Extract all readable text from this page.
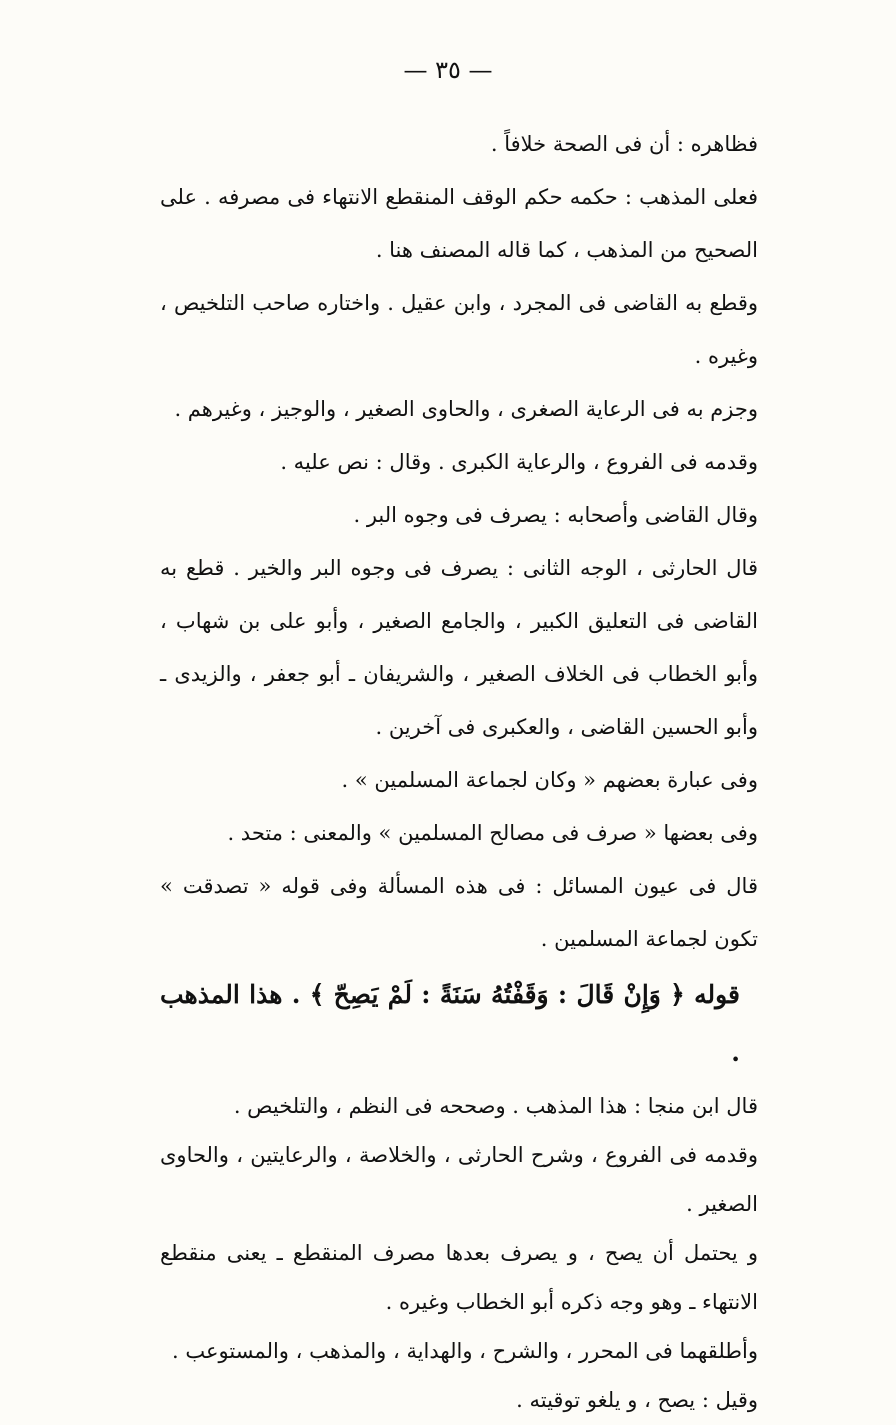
— ٣٥ —

فظاهره : أن فى الصحة خلافاً .

فعلى المذهب : حكمه حكم الوقف المنقطع الانتهاء فى مصرفه . على الصحيح من المذهب ، كما قاله المصنف هنا .

وقطع به القاضى فى المجرد ، وابن عقيل . واختاره صاحب التلخيص ، وغيره .

وجزم به فى الرعاية الصغرى ، والحاوى الصغير ، والوجيز ، وغيرهم .

وقدمه فى الفروع ، والرعاية الكبرى . وقال : نص عليه .

وقال القاضى وأصحابه : يصرف فى وجوه البر .

قال الحارثى ، الوجه الثانى : يصرف فى وجوه البر والخير . قطع به القاضى فى التعليق الكبير ، والجامع الصغير ، وأبو على بن شهاب ، وأبو الخطاب فى الخلاف الصغير ، والشريفان ـ أبو جعفر ، والزيدى ـ وأبو الحسين القاضى ، والعكبرى فى آخرين .

وفى عبارة بعضهم « وكان لجماعة المسلمين » .

وفى بعضها « صرف فى مصالح المسلمين » والمعنى : متحد .

قال فى عيون المسائل : فى هذه المسألة وفى قوله « تصدقت » تكون لجماعة المسلمين .

قوله ﴿ وَإِنْ قَالَ : وَقَفْتُهُ سَنَةً : لَمْ يَصِحّ ﴾ . هذا المذهب .

قال ابن منجا : هذا المذهب . وصححه فى النظم ، والتلخيص .

وقدمه فى الفروع ، وشرح الحارثى ، والخلاصة ، والرعايتين ، والحاوى الصغير .

و يحتمل أن يصح ، و يصرف بعدها مصرف المنقطع ـ يعنى منقطع الانتهاء ـ وهو وجه ذكره أبو الخطاب وغيره .

وأطلقهما فى المحرر ، والشرح ، والهداية ، والمذهب ، والمستوعب .

وقيل : يصح ، و يلغو توقيته .
